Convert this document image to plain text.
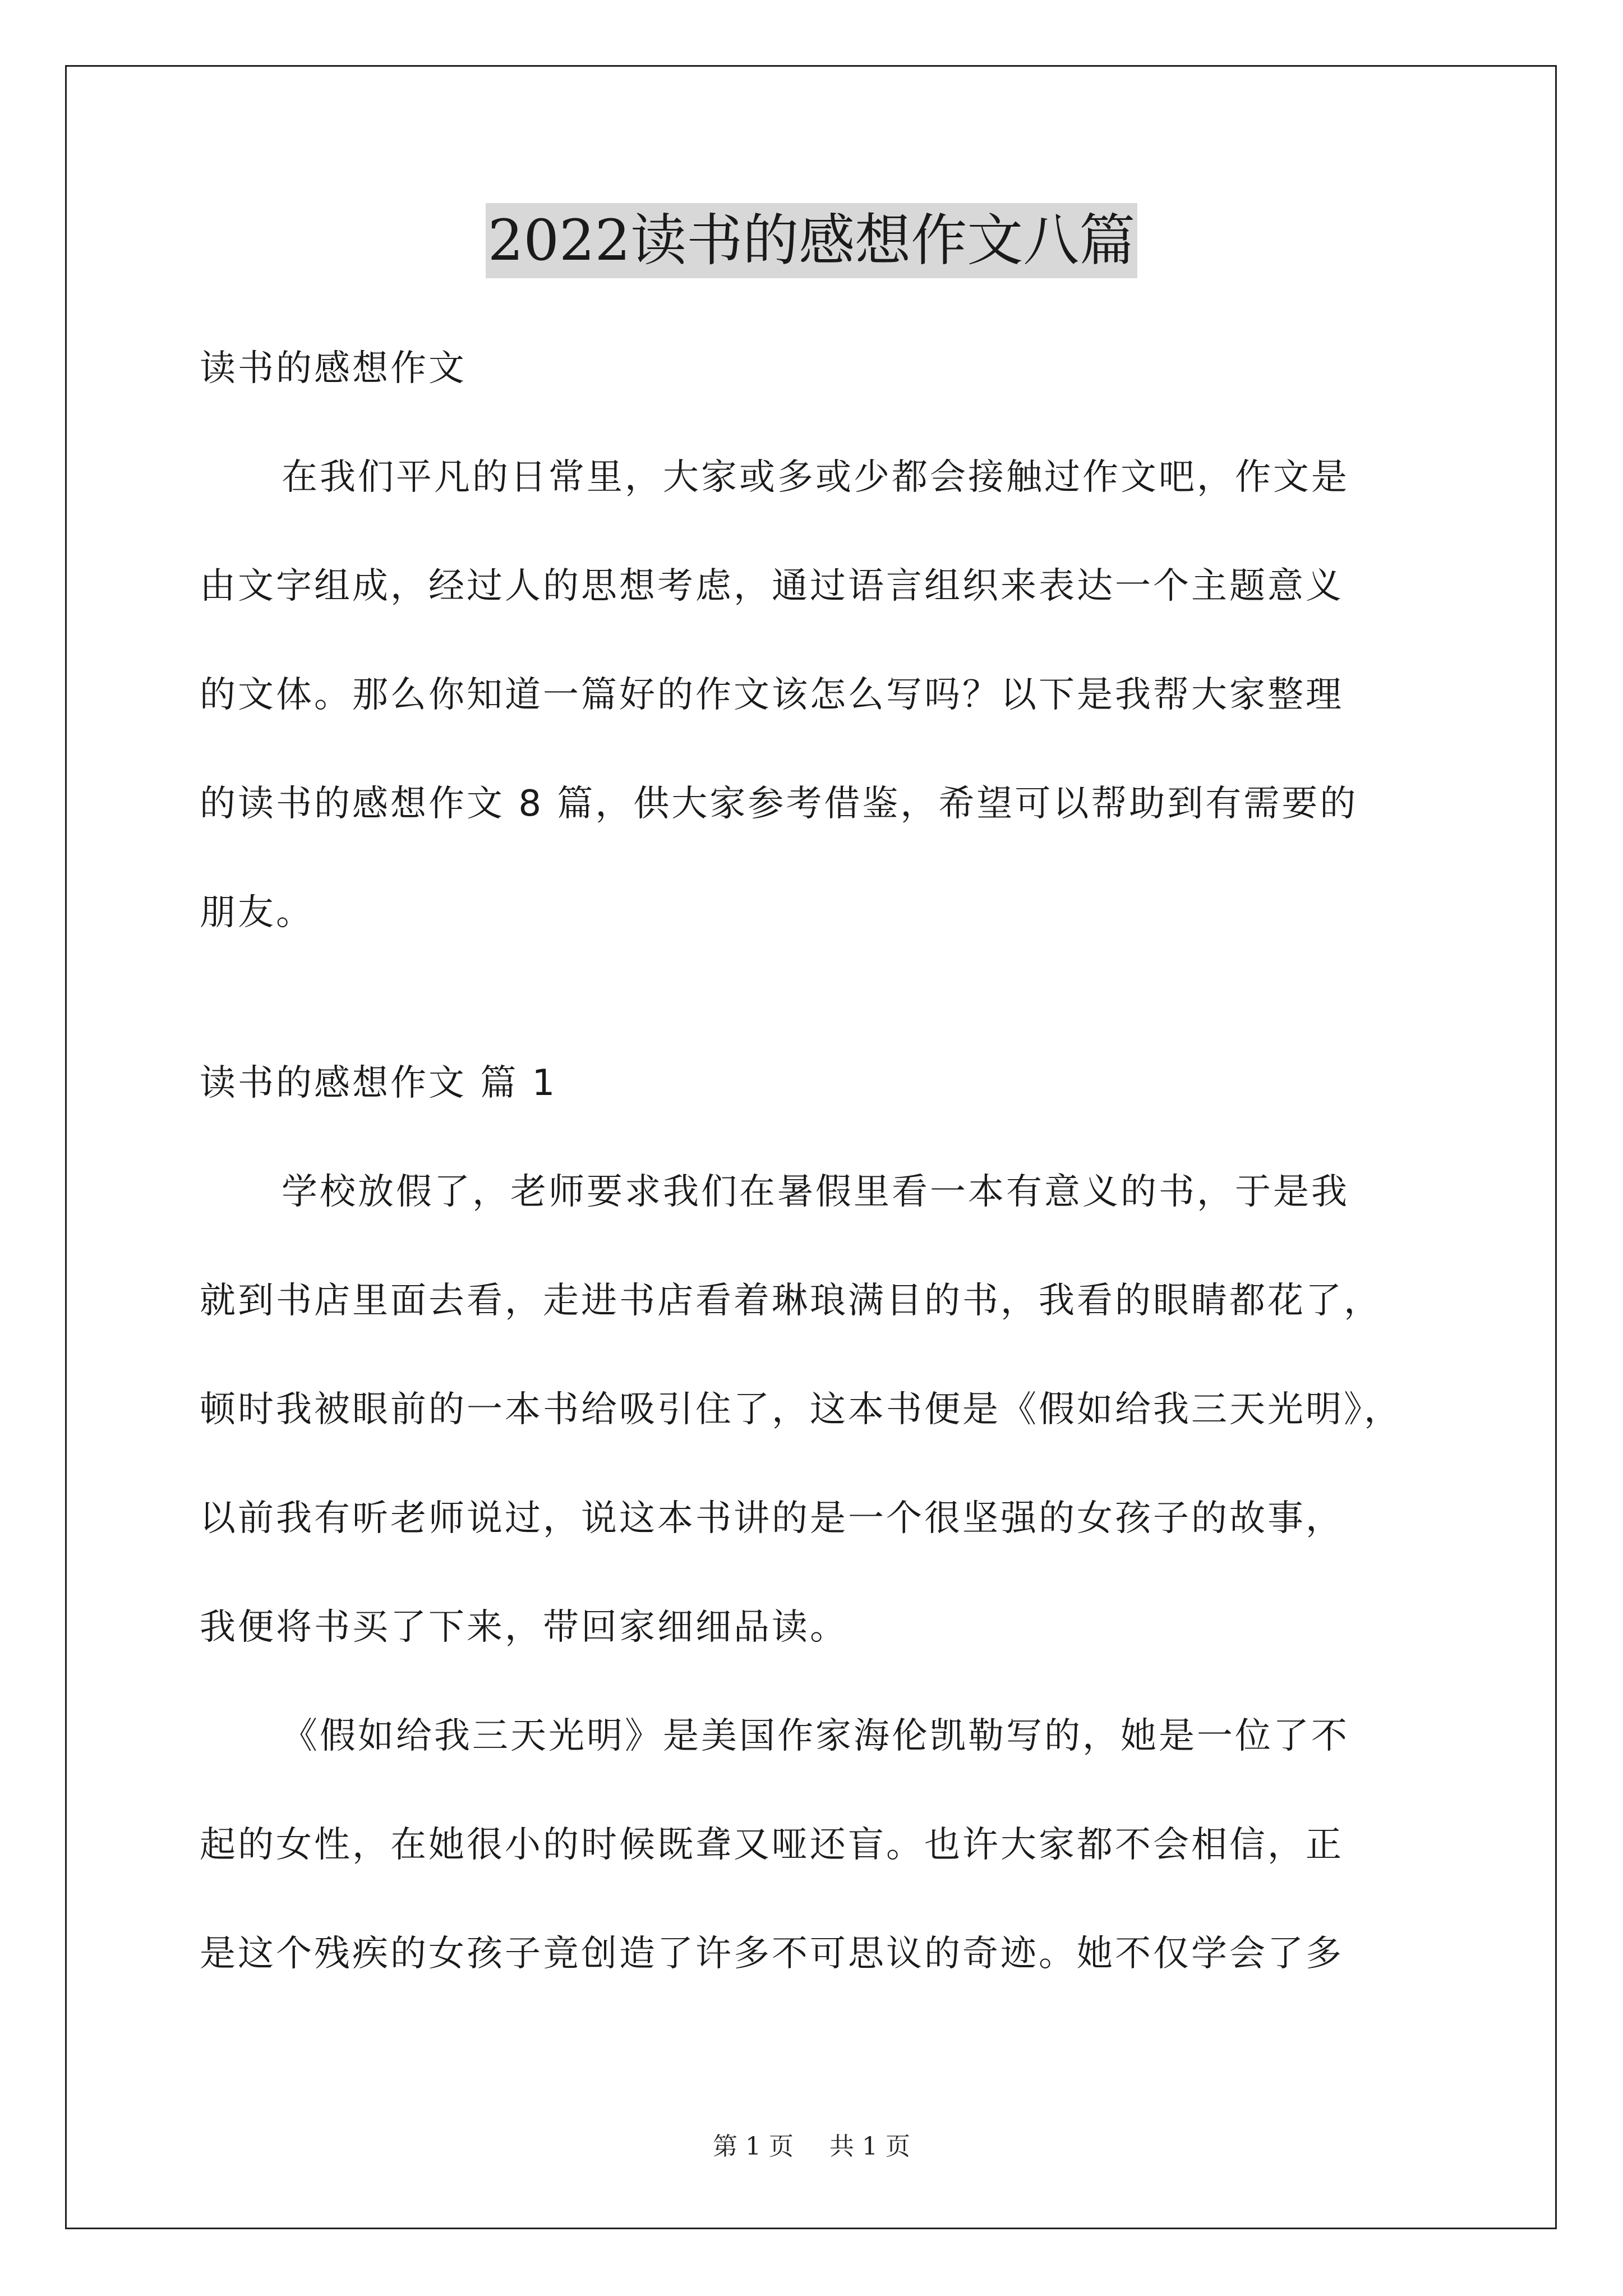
2022读书的感想作文八篇
读书的感想作文
在我们平凡的日常里，大家或多或少都会接触过作文吧，作文是
由文字组成，经过人的思想考虑，通过语言组织来表达一个主题意义
的文体。那么你知道一篇好的作文该怎么写吗？以下是我帮大家整理
的读书的感想作文 8 篇，供大家参考借鉴，希望可以帮助到有需要的
朋友。
读书的感想作文 篇 1
学校放假了，老师要求我们在暑假里看一本有意义的书，于是我
就到书店里面去看，走进书店看着琳琅满目的书，我看的眼睛都花了，
顿时我被眼前的一本书给吸引住了，这本书便是《假如给我三天光明》，
以前我有听老师说过，说这本书讲的是一个很坚强的女孩子的故事，
我便将书买了下来，带回家细细品读。
《假如给我三天光明》是美国作家海伦凯勒写的，她是一位了不
起的女性，在她很小的时候既聋又哑还盲。也许大家都不会相信，正
是这个残疾的女孩子竟创造了许多不可思议的奇迹。她不仅学会了多
第 1 页 共 1 页
